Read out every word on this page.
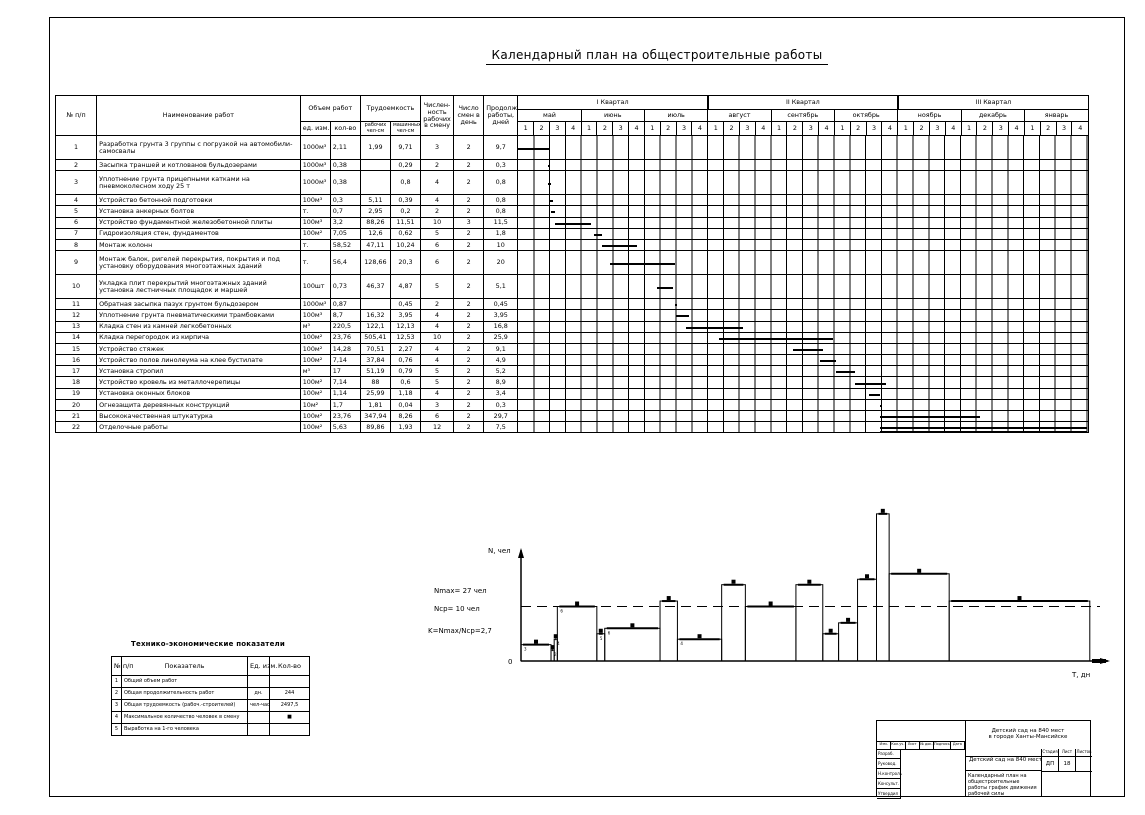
Календарный план на общестроительные работы
№ п/п	Наименование работ	Объем работ		Трудоемкость		Числен-ность рабочих в смену	Число смен в день	Продолж. работы, дней	I Квартал												II Квартал												III Квартал											
									май				июнь				июль				август				сентябрь				октябрь				ноябрь				декабрь				январь			
		ед. изм.	кол-во	рабочих чел-см	машинных чел-см				1	2	3	4	1	2	3	4	1	2	3	4	1	2	3	4	1	2	3	4	1	2	3	4	1	2	3	4	1	2	3	4	1	2	3	4

1	Разработка грунта 3 группы с погрузкой на автомобили-самосвалы	1000м³	2,11	1,99	9,71	3	2	9,7																																				

2	Засыпка траншей и котлованов бульдозерами	1000м³	0,38		0,29	2	2	0,3																																				

3	Уплотнение грунта прицепными катками на пневмоколесном ходу 25 т	1000м³	0,38		0,8	4	2	0,8																																				

4	Устройство бетонной подготовки	100м³	0,3	5,11	0,39	4	2	0,8																																				

5	Установка анкерных болтов	т.	0,7	2,95	0,2	2	2	0,8																																				

6	Устройство фундаментной железобетонной плиты	100м³	3,2	88,26	11,51	10	3	11,5																																				

7	Гидроизоляция стен, фундаментов	100м²	7,05	12,6	0,62	5	2	1,8																																				

8	Монтаж колонн	т.	58,52	47,11	10,24	6	2	10																																				

9	Монтаж балок, ригелей перекрытия, покрытия и под установку оборудования многоэтажных зданий	т.	56,4	128,66	20,3	6	2	20																																				

10	Укладка плит перекрытий многоэтажных зданий установка лестничных площадок и маршей	100шт	0,73	46,37	4,87	5	2	5,1																																				

11	Обратная засыпка пазух грунтом бульдозером	1000м³	0,87		0,45	2	2	0,45																																				

12	Уплотнение грунта пневматическими трамбовками	100м³	8,7	16,32	3,95	4	2	3,95																																				

13	Кладка стен из камней легкобетонных	м³	220,5	122,1	12,13	4	2	16,8																																				

14	Кладка перегородок из кирпича	100м²	23,76	505,41	12,53	10	2	25,9																																				

15	Устройство стяжек	100м²	14,28	70,51	2,27	4	2	9,1																																				

16	Устройство полов линолеума на клее бустилате	100м²	7,14	37,84	0,76	4	2	4,9																																				

17	Установка стропил	м³	17	51,19	0,79	5	2	5,2																																				

18	Устройство кровель из металлочерепицы	100м²	7,14	88	0,6	5	2	8,9																																				

19	Установка оконных блоков	100м²	1,14	25,99	1,18	4	2	3,4																																				

20	Огнезащита деревянных конструкций	10м²	1,7	1,81	0,04	3	2	0,3																																				

21	Высококачественная штукатурка	100м²	23,76	347,94	8,26	6	2	29,7																																				

22	Отделочные работы	100м²	5,63	89,86	1,93	12	2	7,5																																				
3
2
4
6
5
6
4
N, чел
T, дн
0
Nmax= 27 чел
Nср= 10 чел
K=Nmax/Nср=2,7
Технико-экономические показатели
№ п/п	Показатель	Ед. изм.	Кол-во
1	Общий объем работ		
2	Общая продолжительность работ	дн.	244
3	Общая трудоемкость (рабоч.-строителей)	чел-час	2497,5
4	Максимальное количество человек в смену		■
5	Выработка на 1-го человека		
Изм.	Кол.уч. Лист	№ док. Подпись Дата
Детский сад на 840 мест
в городе Ханты-Мансийске
Разраб.
Руковод.
Н.контроль
Консульт.
Утвердил
Детский сад на 840 мест
Стадия	Лист	Листов
ДП	18
Календарный план на общестроительные работы график движения рабочей силы
